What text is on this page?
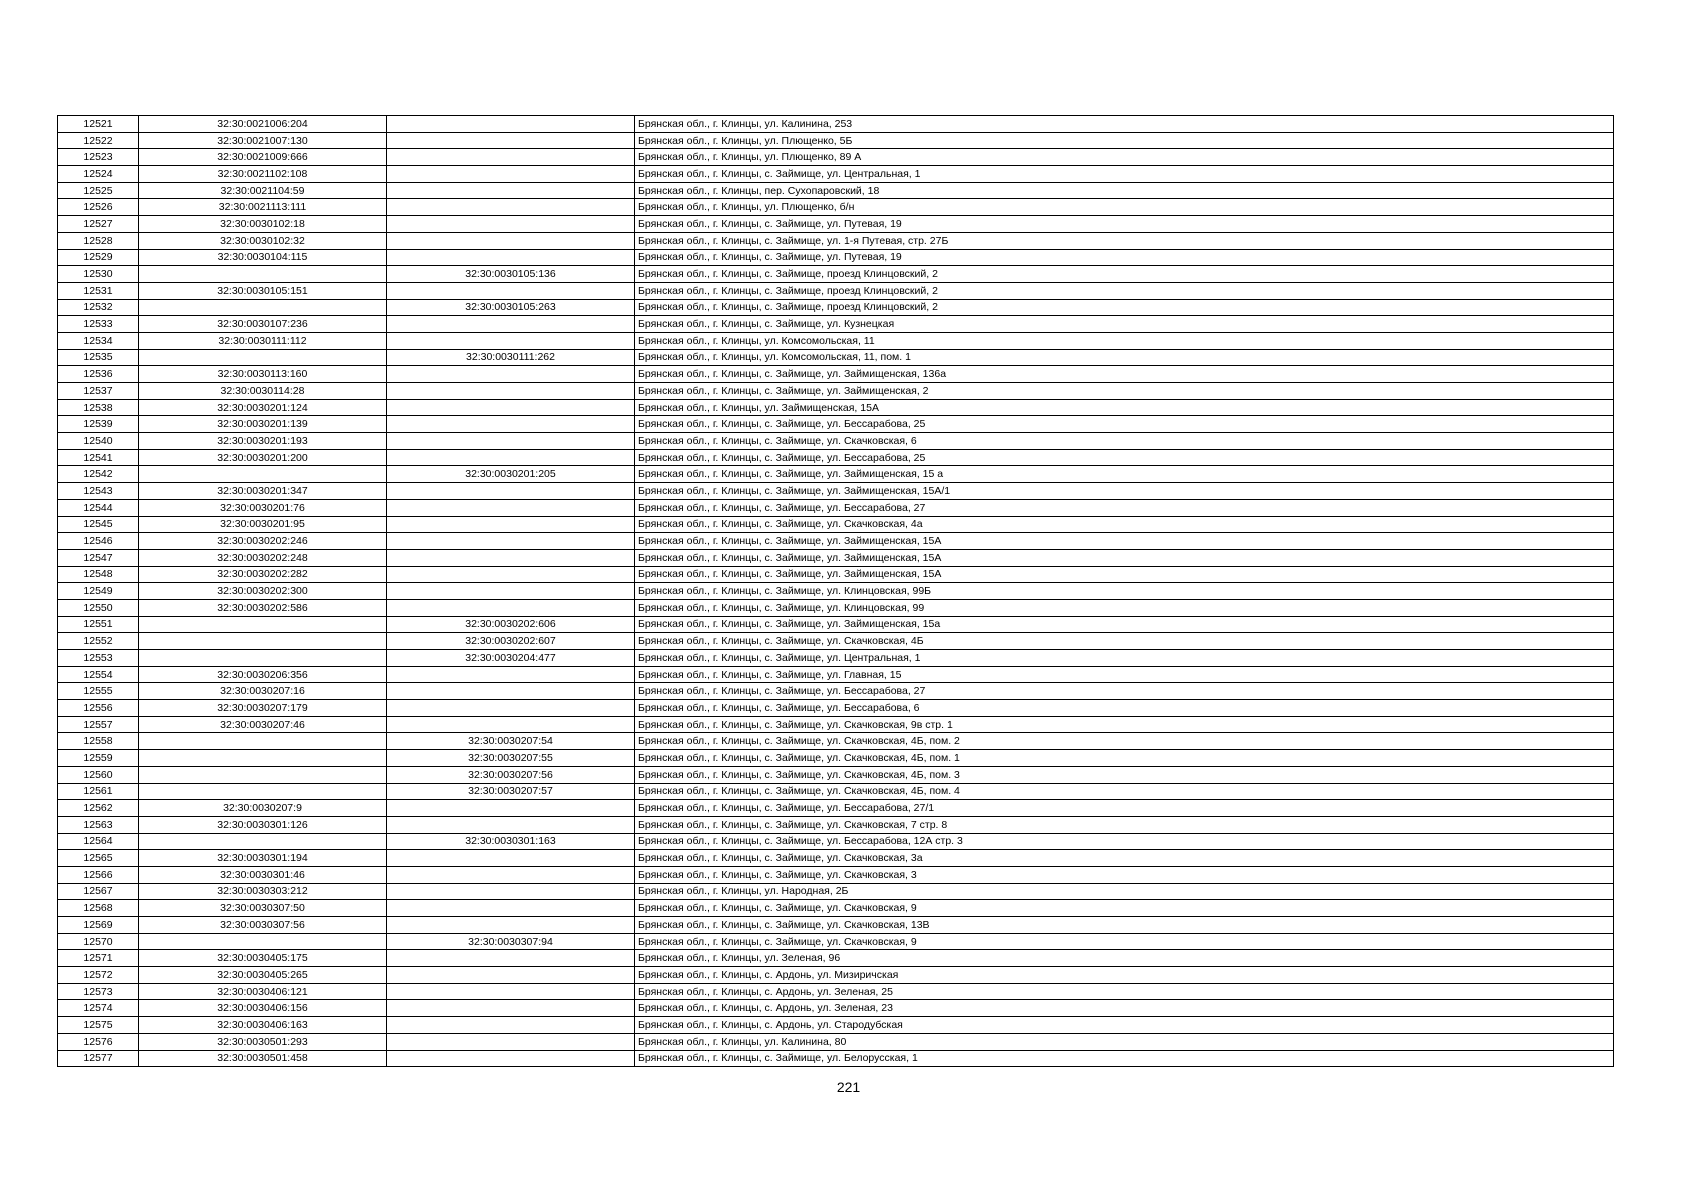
12521	32:30:0021006:204		Брянская обл., г. Клинцы, ул. Калинина, 253
12522	32:30:0021007:130		Брянская обл., г. Клинцы, ул. Плющенко, 5Б
12523	32:30:0021009:666		Брянская обл., г. Клинцы, ул. Плющенко, 89 А
12524	32:30:0021102:108		Брянская обл., г. Клинцы, с. Займище, ул. Центральная, 1
12525	32:30:0021104:59		Брянская обл., г. Клинцы, пер. Сухопаровский, 18
12526	32:30:0021113:111		Брянская обл., г. Клинцы, ул. Плющенко, б/н
12527	32:30:0030102:18		Брянская обл., г. Клинцы, с. Займище, ул. Путевая, 19
12528	32:30:0030102:32		Брянская обл., г. Клинцы, с. Займище, ул. 1-я Путевая, стр. 27Б
12529	32:30:0030104:115		Брянская обл., г. Клинцы, с. Займище, ул. Путевая, 19
12530		32:30:0030105:136	Брянская обл., г. Клинцы, с. Займище, проезд Клинцовский, 2
12531	32:30:0030105:151		Брянская обл., г. Клинцы, с. Займище, проезд Клинцовский, 2
12532		32:30:0030105:263	Брянская обл., г. Клинцы, с. Займище, проезд Клинцовский, 2
12533	32:30:0030107:236		Брянская обл., г. Клинцы, с. Займище, ул. Кузнецкая
12534	32:30:0030111:112		Брянская обл., г. Клинцы, ул. Комсомольская, 11
12535		32:30:0030111:262	Брянская обл., г. Клинцы, ул. Комсомольская, 11, пом. 1
12536	32:30:0030113:160		Брянская обл., г. Клинцы, с. Займище, ул. Займищенская, 136а
12537	32:30:0030114:28		Брянская обл., г. Клинцы, с. Займище, ул. Займищенская, 2
12538	32:30:0030201:124		Брянская обл., г. Клинцы, ул. Займищенская, 15А
12539	32:30:0030201:139		Брянская обл., г. Клинцы, с. Займище, ул. Бессарабова, 25
12540	32:30:0030201:193		Брянская обл., г. Клинцы, с. Займище, ул. Скачковская, 6
12541	32:30:0030201:200		Брянская обл., г. Клинцы, с. Займище, ул. Бессарабова, 25
12542		32:30:0030201:205	Брянская обл., г. Клинцы, с. Займище, ул. Займищенская, 15 а
12543	32:30:0030201:347		Брянская обл., г. Клинцы, с. Займище, ул. Займищенская, 15А/1
12544	32:30:0030201:76		Брянская обл., г. Клинцы, с. Займище, ул. Бессарабова, 27
12545	32:30:0030201:95		Брянская обл., г. Клинцы, с. Займище, ул. Скачковская, 4а
12546	32:30:0030202:246		Брянская обл., г. Клинцы, с. Займище, ул. Займищенская, 15А
12547	32:30:0030202:248		Брянская обл., г. Клинцы, с. Займище, ул. Займищенская, 15А
12548	32:30:0030202:282		Брянская обл., г. Клинцы, с. Займище, ул. Займищенская, 15А
12549	32:30:0030202:300		Брянская обл., г. Клинцы, с. Займище, ул. Клинцовская, 99Б
12550	32:30:0030202:586		Брянская обл., г. Клинцы, с. Займище, ул. Клинцовская, 99
12551		32:30:0030202:606	Брянская обл., г. Клинцы, с. Займище, ул. Займищенская, 15а
12552		32:30:0030202:607	Брянская обл., г. Клинцы, с. Займище, ул. Скачковская, 4Б
12553		32:30:0030204:477	Брянская обл., г. Клинцы, с. Займище, ул. Центральная, 1
12554	32:30:0030206:356		Брянская обл., г. Клинцы, с. Займище, ул. Главная, 15
12555	32:30:0030207:16		Брянская обл., г. Клинцы, с. Займище, ул. Бессарабова, 27
12556	32:30:0030207:179		Брянская обл., г. Клинцы, с. Займище, ул. Бессарабова, 6
12557	32:30:0030207:46		Брянская обл., г. Клинцы, с. Займище, ул. Скачковская, 9в стр. 1
12558		32:30:0030207:54	Брянская обл., г. Клинцы, с. Займище, ул. Скачковская, 4Б, пом. 2
12559		32:30:0030207:55	Брянская обл., г. Клинцы, с. Займище, ул. Скачковская, 4Б, пом. 1
12560		32:30:0030207:56	Брянская обл., г. Клинцы, с. Займище, ул. Скачковская, 4Б, пом. 3
12561		32:30:0030207:57	Брянская обл., г. Клинцы, с. Займище, ул. Скачковская, 4Б, пом. 4
12562	32:30:0030207:9		Брянская обл., г. Клинцы, с. Займище, ул. Бессарабова, 27/1
12563	32:30:0030301:126		Брянская обл., г. Клинцы, с. Займище, ул. Скачковская, 7 стр. 8
12564		32:30:0030301:163	Брянская обл., г. Клинцы, с. Займище, ул. Бессарабова, 12А стр. 3
12565	32:30:0030301:194		Брянская обл., г. Клинцы, с. Займище, ул. Скачковская, 3а
12566	32:30:0030301:46		Брянская обл., г. Клинцы, с. Займище, ул. Скачковская, 3
12567	32:30:0030303:212		Брянская обл., г. Клинцы, ул. Народная, 2Б
12568	32:30:0030307:50		Брянская обл., г. Клинцы, с. Займище, ул. Скачковская, 9
12569	32:30:0030307:56		Брянская обл., г. Клинцы, с. Займище, ул. Скачковская, 13В
12570		32:30:0030307:94	Брянская обл., г. Клинцы, с. Займище, ул. Скачковская, 9
12571	32:30:0030405:175		Брянская обл., г. Клинцы, ул. Зеленая, 96
12572	32:30:0030405:265		Брянская обл., г. Клинцы, с. Ардонь, ул. Мизиричская
12573	32:30:0030406:121		Брянская обл., г. Клинцы, с. Ардонь, ул. Зеленая, 25
12574	32:30:0030406:156		Брянская обл., г. Клинцы, с. Ардонь, ул. Зеленая, 23
12575	32:30:0030406:163		Брянская обл., г. Клинцы, с. Ардонь, ул. Стародубская
12576	32:30:0030501:293		Брянская обл., г. Клинцы, ул. Калинина, 80
12577	32:30:0030501:458		Брянская обл., г. Клинцы, с. Займище, ул. Белорусская, 1
221
